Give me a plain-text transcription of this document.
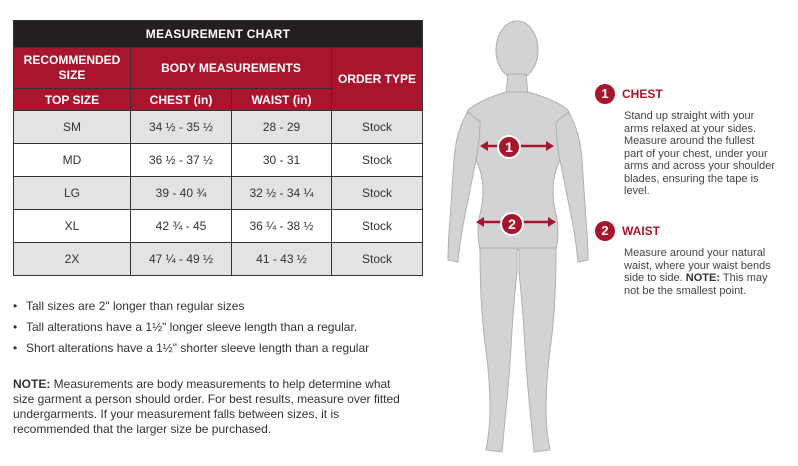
MEASUREMENT CHART			
RECOMMENDED SIZE	BODY MEASUREMENTS		ORDER TYPE
TOP SIZE	CHEST (in)	WAIST (in)	
SM	34 ½ - 35 ½	28 - 29	Stock
MD	36 ½ - 37 ½	30 - 31	Stock
LG	39 - 40 ¾	32 ½ - 34 ¼	Stock
XL	42 ¾ - 45	36 ¼ - 38 ½	Stock
2X	47 ¼ - 49 ½	41 - 43 ½	Stock
• Tall sizes are 2" longer than regular sizes
• Tall alterations have a 1½" longer sleeve length than a regular.
• Short alterations have a 1½" shorter sleeve length than a regular
NOTE: Measurements are body measurements to help determine what size garment a person should order. For best results, measure over fitted undergarments. If your measurement falls between sizes, it is recommended that the larger size be purchased.
1
2
1	CHEST
Stand up straight with your arms relaxed at your sides. Measure around the fullest part of your chest, under your arms and across your shoulder blades, ensuring the tape is level.
2	WAIST
Measure around your natural waist, where your waist bends side to side. NOTE: This may not be the smallest point.
